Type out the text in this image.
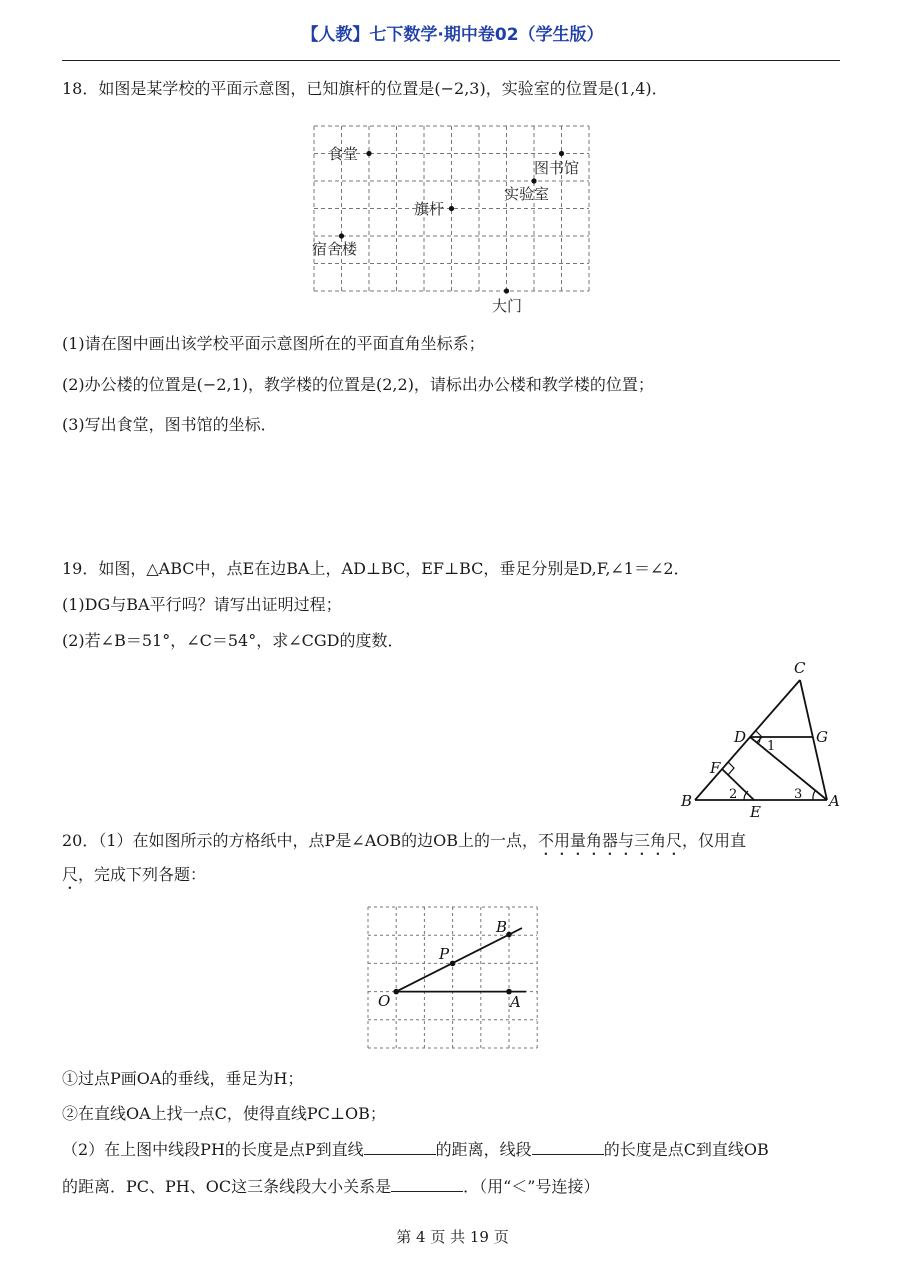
【人教】七下数学·期中卷02（学生版）
18．如图是某学校的平面示意图，已知旗杆的位置是(−2,3)，实验室的位置是(1,4)．
食堂
图书馆
实验室
旗杆
宿舍楼
大门
(1)请在图中画出该学校平面示意图所在的平面直角坐标系；
(2)办公楼的位置是(−2,1)，教学楼的位置是(2,2)，请标出办公楼和教学楼的位置；
(3)写出食堂，图书馆的坐标．
19．如图，△ABC中，点E在边BA上，AD⊥BC，EF⊥BC，垂足分别是D,F,∠1＝∠2．
(1)DG与BA平行吗？请写出证明过程；
(2)若∠B＝51°，∠C＝54°，求∠CGD的度数．
C
D	G
F
B
E
A
1
2	3
20．（1）在如图所示的方格纸中，点P是∠AOB的边OB上的一点，不用量角器与三角尺，仅用直
尺，完成下列各题：
O	A
B
P
①过点P画OA的垂线，垂足为H；
②在直线OA上找一点C，使得直线PC⊥OB；
（2）在上图中线段PH的长度是点P到直线	的距离，线段	的长度是点C到直线OB
的距离．PC、PH、OC这三条线段大小关系是	．（用“＜”号连接）
第 4 页 共 19 页
